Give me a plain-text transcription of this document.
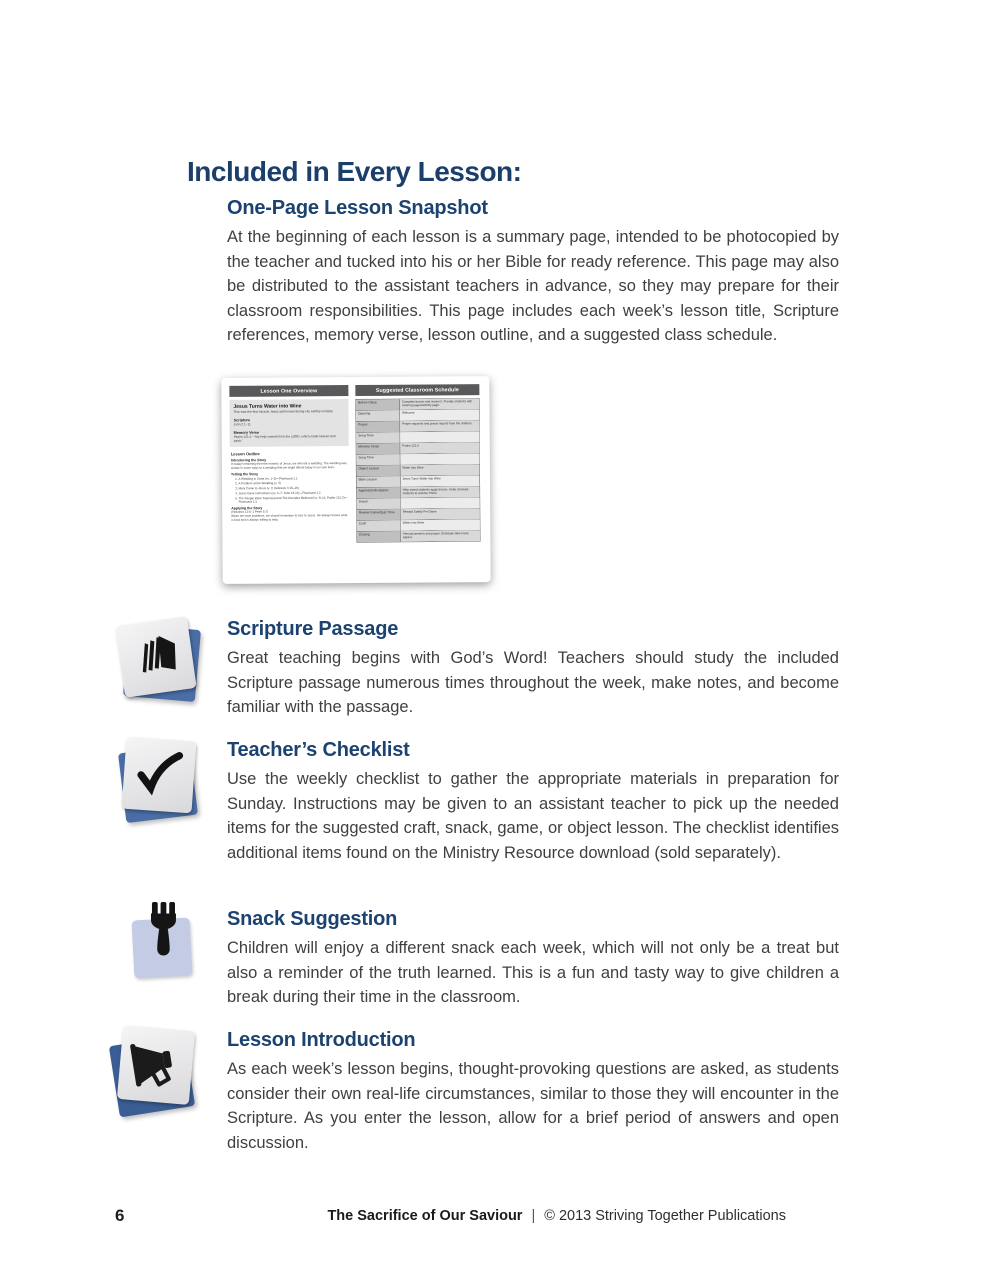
Included in Every Lesson:
One-Page Lesson Snapshot
At the beginning of each lesson is a summary page, intended to be photocopied by the teacher and tucked into his or her Bible for ready reference. This page may also be distributed to the assistant teachers in advance, so they may prepare for their classroom responsibilities. This page includes each week’s lesson title, Scripture references, memory verse, lesson outline, and a suggested class schedule.
Lesson One Overview
Jesus Turns Water into Wine
This was the first miracle Jesus performed during His earthly ministry.
Scripture
John 2:1–11
Memory Verse
Psalm 121:2—“My help cometh from the LORD, which made heaven and earth.”
Lesson Outline
Introducing the Story
In today’s teaching from the ministry of Jesus, we will visit a wedding. The wedding was similar in some ways to a wedding that we might attend today in our own lives.
Telling the Story
1. A Wedding in Cana (vv. 1–2)—Flashcard 1.1
2. A Problem at the Wedding (v. 3)
3. Mary Came to Jesus (v. 3; Hebrews 4:15–16)
4. Jesus Gave Instructions (vv. 4–7; John 15:14)—Flashcard 1.2
5. The People Were Surprised and The Disciples Believed (vv. 8–11; Psalm 121:2)—Flashcard 1.3
Applying the Story
(Hebrews 13:8; 1 Peter 5:7)
When we have problems, we should remember to turn to Jesus. He always knows what is best and is always willing to help.
Suggested Classroom Schedule
Before Class	Complete lesson and review it. Provide students with coloring pages/activity page.
Opening	Welcome
Prayer	Prayer requests and praise reports from the children.
Song Time
Memory Verse	Psalm 121:2
Song Time
Object Lesson	Water into Wine
Bible Lesson	Jesus Turns Water into Wine
Application/Invitation	Help saved students apply lesson. Invite unsaved students to receive Christ.
Snack
Review Game/Quiz Time	Reward Safety Pin Game
Craft	Water into Wine
Closing	Announcements and prayer. Distribute take-home papers.
Scripture Passage
Great teaching begins with God’s Word! Teachers should study the included Scripture passage numerous times throughout the week, make notes, and become familiar with the passage.
Teacher’s Checklist
Use the weekly checklist to gather the appropriate materials in preparation for Sunday. Instructions may be given to an assistant teacher to pick up the needed items for the suggested craft, snack, game, or object lesson. The checklist identifies additional items found on the Ministry Resource download (sold separately).
Snack Suggestion
Children will enjoy a different snack each week, which will not only be a treat but also a reminder of the truth learned. This is a fun and tasty way to give children a break during their time in the classroom.
Lesson Introduction
As each week’s lesson begins, thought-provoking questions are asked, as students consider their own real-life circumstances, similar to those they will encounter in the Scripture. As you enter the lesson, allow for a brief period of answers and open discussion.
6	The Sacrifice of Our Saviour | © 2013 Striving Together Publications
